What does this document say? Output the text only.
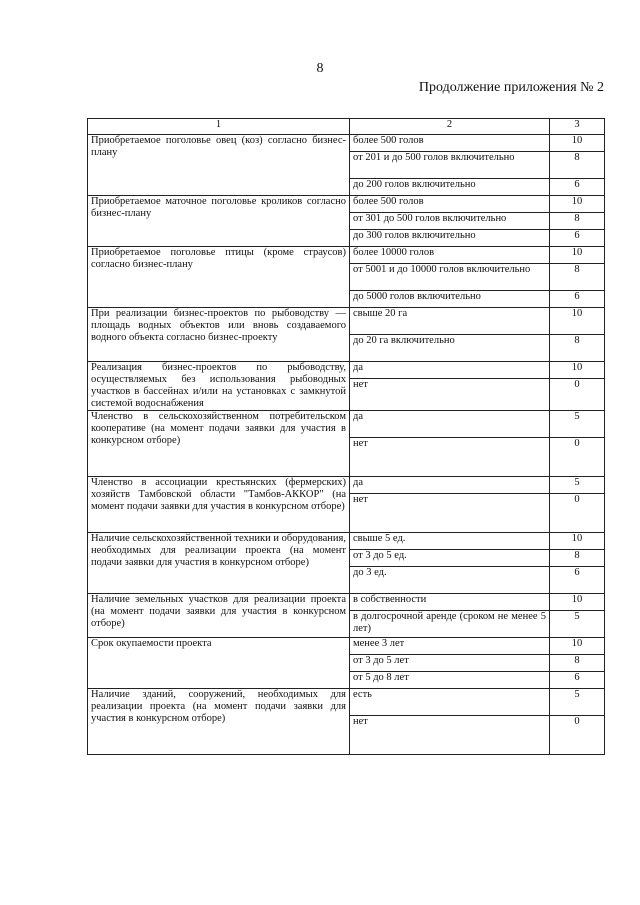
8
Продолжение приложения № 2
1	2	3
Приобретаемое поголовье овец (коз) согласно бизнес-плану	более 500 голов	10
	от 201 и до 500 голов включительно	8
	до 200 голов включительно	6
Приобретаемое маточное поголовье кроликов согласно бизнес-плану	более 500 голов	10
	от 301 до 500 голов включительно	8
	до 300 голов включительно	6
Приобретаемое поголовье птицы (кроме страусов) согласно бизнес-плану	более 10000 голов	10
	от 5001 и до 10000 голов включительно	8
	до 5000 голов включительно	6
При реализации бизнес-проектов по рыбоводству — площадь водных объектов или вновь создаваемого водного объекта согласно бизнес-проекту	свыше 20 га	10
	до 20 га включительно	8
Реализация бизнес-проектов по рыбоводству, осуществляемых без использования рыбоводных участков в бассейнах и/или на установках с замкнутой системой водоснабжения	да	10
	нет	0
Членство в сельскохозяйственном потребительском кооперативе (на момент подачи заявки для участия в конкурсном отборе)	да	5
	нет	0
Членство в ассоциации крестьянских (фермерских) хозяйств Тамбовской области "Тамбов-АККОР" (на момент подачи заявки для участия в конкурсном отборе)	да	5
	нет	0
Наличие сельскохозяйственной техники и оборудования, необходимых для реализации проекта (на момент подачи заявки для участия в конкурсном отборе)	свыше 5 ед.	10
	от 3 до 5 ед.	8
	до 3 ед.	6
Наличие земельных участков для реализации проекта (на момент подачи заявки для участия в конкурсном отборе)	в собственности	10
	в долгосрочной аренде (сроком не менее 5 лет)	5
Срок окупаемости проекта	менее 3 лет	10
	от 3 до 5 лет	8
	от 5 до 8 лет	6
Наличие зданий, сооружений, необходимых для реализации проекта (на момент подачи заявки для участия в конкурсном отборе)	есть	5
	нет	0
